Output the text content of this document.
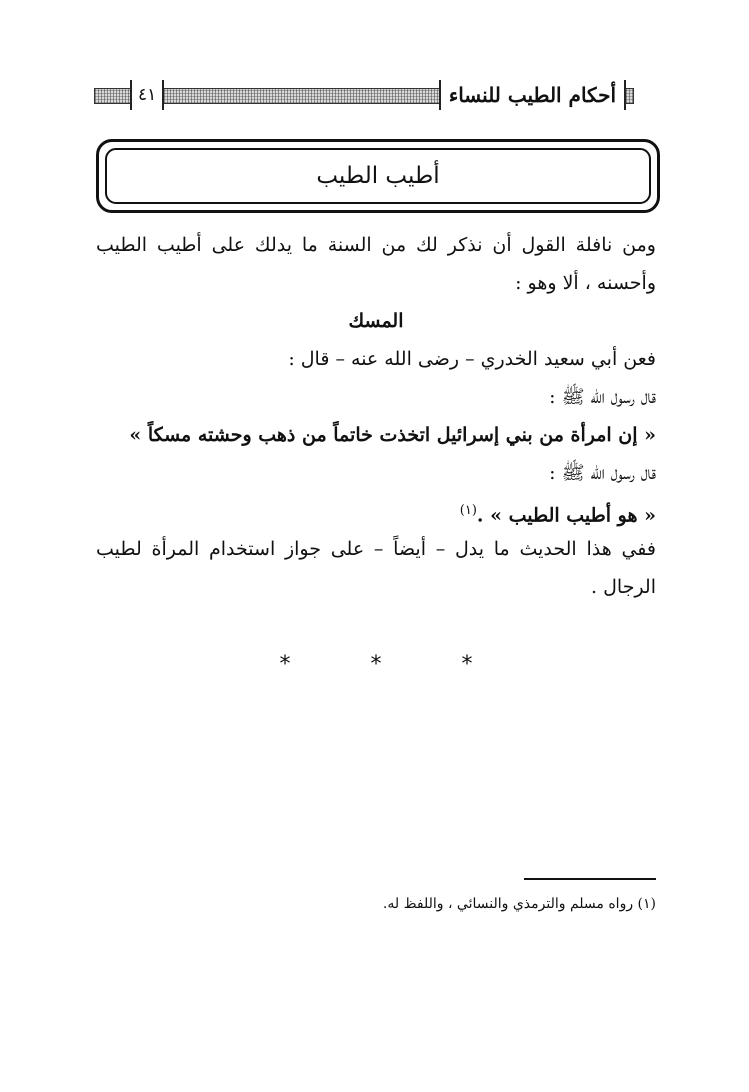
أحكام الطيب للنساء
٤١
أطيب الطيب
ومن نافلة القول أن نذكر لك من السنة ما يدلك على أطيب الطيب
وأحسنه ، ألا وهو :
المسك
فعن أبي سعيد الخدري – رضى الله عنه – قال :
قال رسول الله ﷺ :
« إن امرأة من بني إسرائيل اتخذت خاتماً من ذهب وحشته مسكاً »
قال رسول الله ﷺ :
« هو أطيب الطيب » .$^{(١)}$
ففي هذا الحديث ما يدل – أيضاً – على جواز استخدام المرأة لطيب
الرجال .
*	*	*
(١) رواه مسلم والترمذي والنسائي ، واللفظ له.
